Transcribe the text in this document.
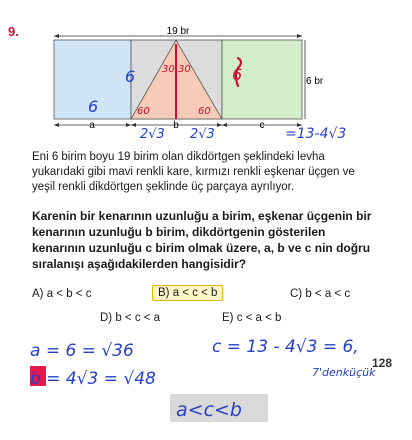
9.	19 br
6 br
a	b	c
6
6
6
30 30
60	60
2√3 2√3	=13-4√3
a = 6 = √36
b = 4√3 = √48
c = 13 - 4√3 = 6,
7'denküçük
a<c<b
Eni 6 birim boyu 19 birim olan dikdörtgen şeklindeki levha yukarıdaki gibi mavi renkli kare, kırmızı renkli eşkenar üçgen ve yeşil renkli dikdörtgen şeklinde üç parçaya ayrılıyor.
Karenin bir kenarının uzunluğu a birim, eşkenar üçgenin bir kenarının uzunluğu b birim, dikdörtgenin gösterilen kenarının uzunluğu c birim olmak üzere, a, b ve c nin doğru sıralanışı aşağıdakilerden hangisidir?
A) a < b < c	B) a < c < b	C) b < a < c
D) b < c < a	E) c < a < b
128
